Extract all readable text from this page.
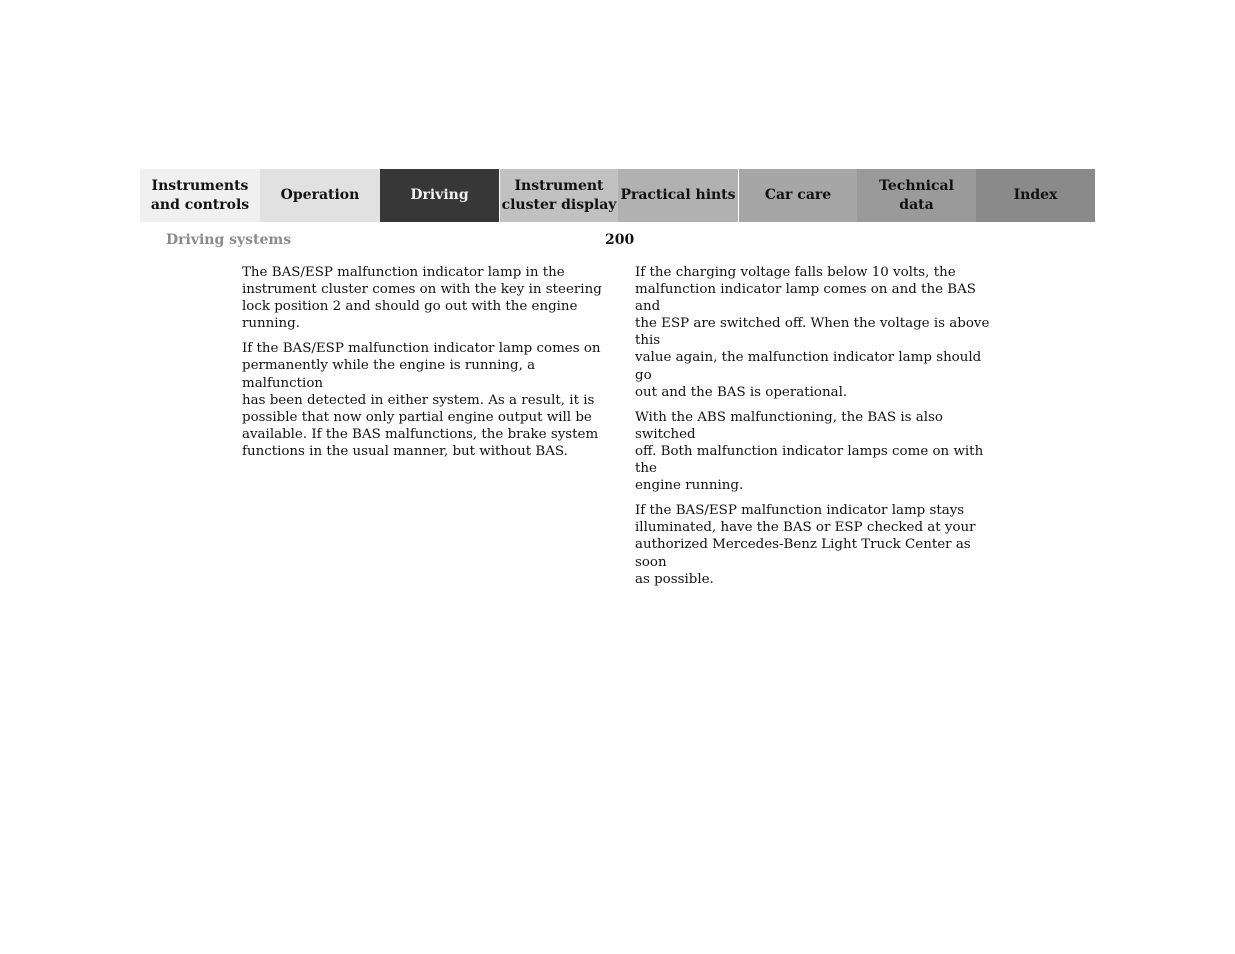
Instruments
and controls
Operation	Driving
Instrument
cluster display
Practical hints Car care
Technical
data
Index
Driving systems	200

The BAS/ESP malfunction indicator lamp in the
instrument cluster comes on with the key in steering
lock position 2 and should go out with the engine
running.

If the BAS/ESP malfunction indicator lamp comes on
permanently while the engine is running, a malfunction
has been detected in either system. As a result, it is
possible that now only partial engine output will be
available. If the BAS malfunctions, the brake system
functions in the usual manner, but without BAS.

If the charging voltage falls below 10 volts, the
malfunction indicator lamp comes on and the BAS and
the ESP are switched off. When the voltage is above this
value again, the malfunction indicator lamp should go
out and the BAS is operational.

With the ABS malfunctioning, the BAS is also switched
off. Both malfunction indicator lamps come on with the
engine running.

If the BAS/ESP malfunction indicator lamp stays
illuminated, have the BAS or ESP checked at your
authorized Mercedes-Benz Light Truck Center as soon
as possible.
